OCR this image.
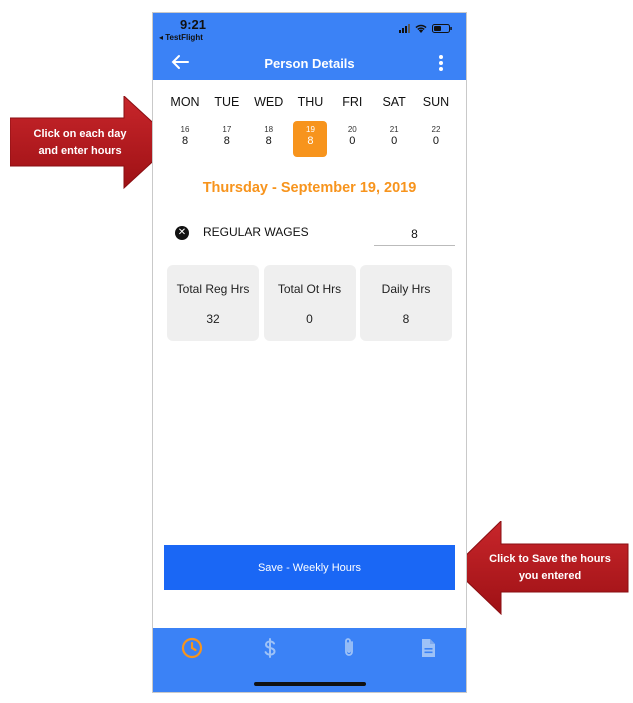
Click on each day
and enter hours
Click to Save the hours
you entered
9:21
◂ TestFlight
Person Details
MON
16
8
TUE
17
8
WED
18
8
THU
19
8
FRI
20
0
SAT
21
0
SUN
22
0
Thursday - September 19, 2019
✕ REGULAR WAGES
8
Total Reg Hrs
32
Total Ot Hrs
0
Daily Hrs
8
Save - Weekly Hours
